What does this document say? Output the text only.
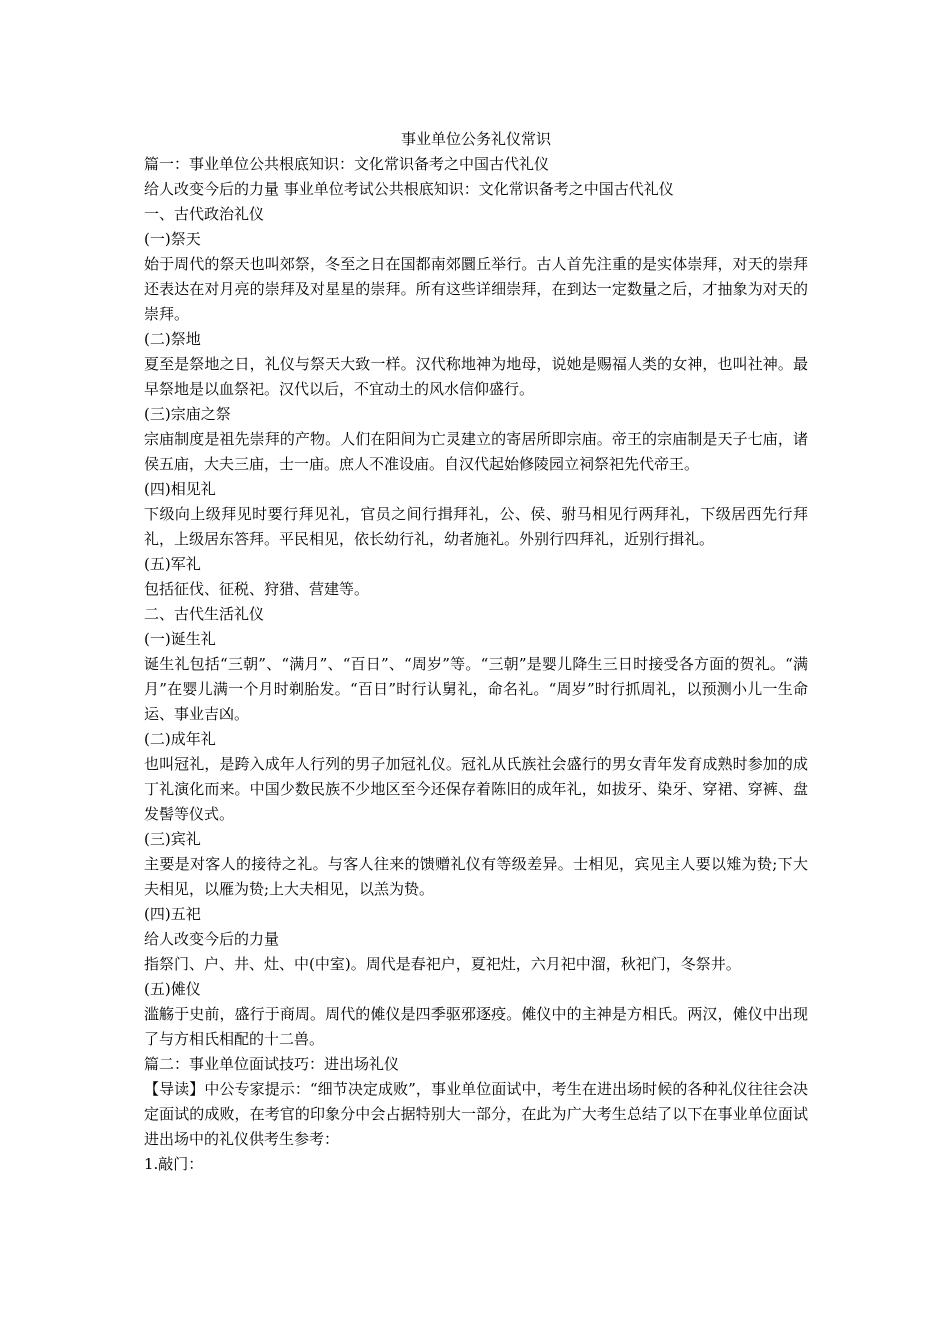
事业单位公务礼仪常识

篇一：事业单位公共根底知识：文化常识备考之中国古代礼仪

给人改变今后的力量 事业单位考试公共根底知识：文化常识备考之中国古代礼仪

一、古代政治礼仪

(一)祭天

始于周代的祭天也叫郊祭，冬至之日在国都南郊圜丘举行。古人首先注重的是实体崇拜，对天的崇拜还表达在对月亮的崇拜及对星星的崇拜。所有这些详细崇拜，在到达一定数量之后，才抽象为对天的崇拜。

(二)祭地

夏至是祭地之日，礼仪与祭天大致一样。汉代称地神为地母，说她是赐福人类的女神，也叫社神。最早祭地是以血祭祀。汉代以后，不宜动土的风水信仰盛行。

(三)宗庙之祭

宗庙制度是祖先崇拜的产物。人们在阳间为亡灵建立的寄居所即宗庙。帝王的宗庙制是天子七庙，诸侯五庙，大夫三庙，士一庙。庶人不准设庙。自汉代起始修陵园立祠祭祀先代帝王。

(四)相见礼

下级向上级拜见时要行拜见礼，官员之间行揖拜礼，公、侯、驸马相见行两拜礼，下级居西先行拜礼，上级居东答拜。平民相见，依长幼行礼，幼者施礼。外别行四拜礼，近别行揖礼。

(五)军礼

包括征伐、征税、狩猎、营建等。

二、古代生活礼仪

(一)诞生礼

诞生礼包括“三朝”、“满月”、“百日”、“周岁”等。“三朝”是婴儿降生三日时接受各方面的贺礼。“满月”在婴儿满一个月时剃胎发。“百日”时行认舅礼，命名礼。“周岁”时行抓周礼，以预测小儿一生命运、事业吉凶。

(二)成年礼

也叫冠礼，是跨入成年人行列的男子加冠礼仪。冠礼从氏族社会盛行的男女青年发育成熟时参加的成丁礼演化而来。中国少数民族不少地区至今还保存着陈旧的成年礼，如拔牙、染牙、穿裙、穿裤、盘发髻等仪式。

(三)宾礼

主要是对客人的接待之礼。与客人往来的馈赠礼仪有等级差异。士相见，宾见主人要以雉为贽;下大夫相见，以雁为贽;上大夫相见，以羔为贽。

(四)五祀

给人改变今后的力量

指祭门、户、井、灶、中(中室)。周代是春祀户，夏祀灶，六月祀中溜，秋祀门，冬祭井。

(五)傩仪

滥觞于史前，盛行于商周。周代的傩仪是四季驱邪逐疫。傩仪中的主神是方相氏。两汉，傩仪中出现了与方相氏相配的十二兽。

篇二：事业单位面试技巧：进出场礼仪

【导读】中公专家提示：“细节决定成败”，事业单位面试中，考生在进出场时候的各种礼仪往往会决定面试的成败，在考官的印象分中会占据特别大一部分，在此为广大考生总结了以下在事业单位面试进出场中的礼仪供考生参考：

1.敲门：
